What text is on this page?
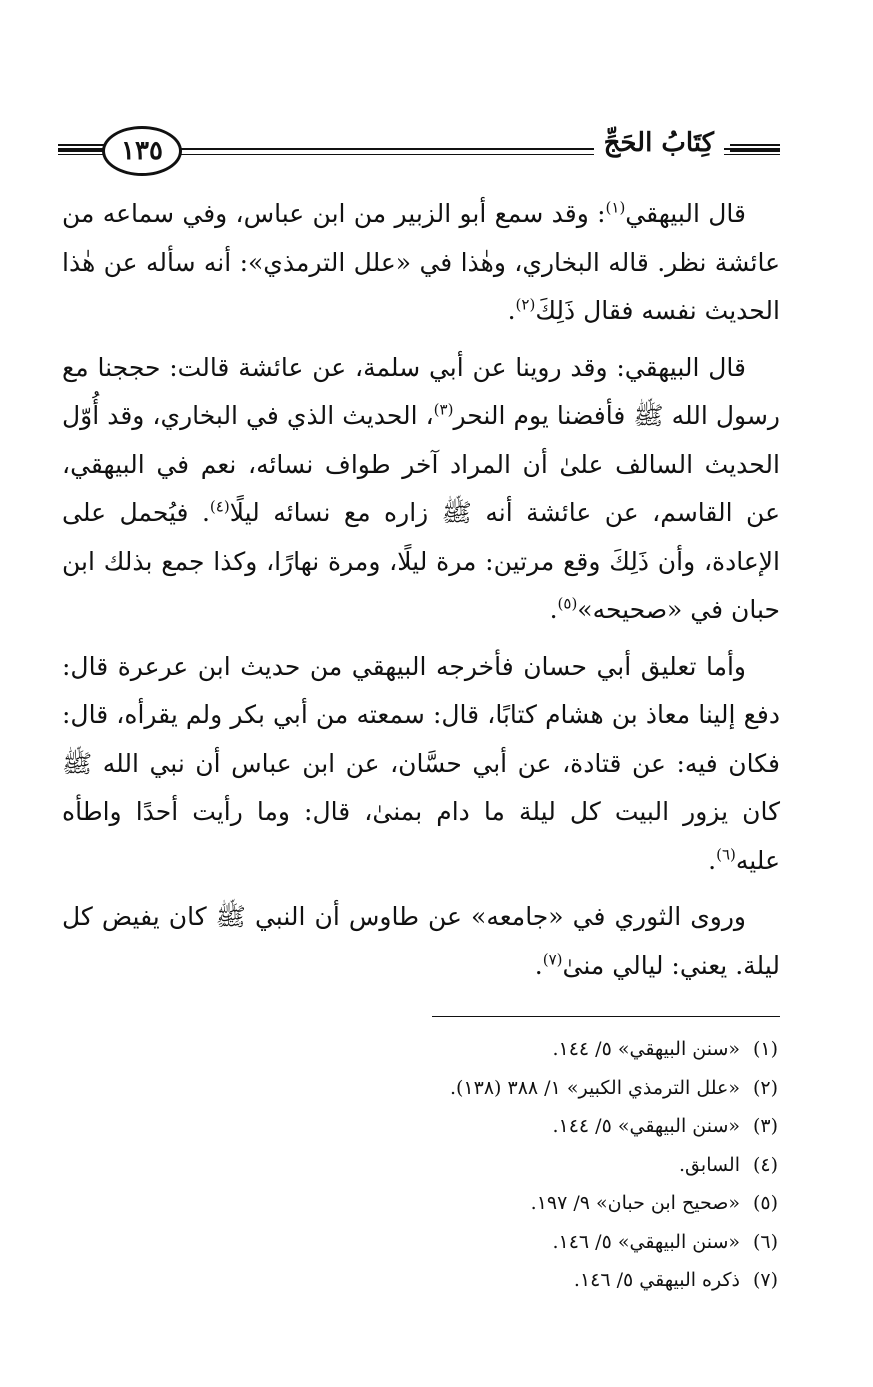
١٣٥	كِتَابُ الحَجِّ

قال البيهقي$^{(١)}$: وقد سمع أبو الزبير من ابن عباس، وفي سماعه من عائشة نظر. قاله البخاري، وهٰذا في «علل الترمذي»: أنه سأله عن هٰذا الحديث نفسه فقال ذَلِكَ$^{(٢)}$.

قال البيهقي: وقد روينا عن أبي سلمة، عن عائشة قالت: حججنا مع رسول الله ﷺ فأفضنا يوم النحر$^{(٣)}$، الحديث الذي في البخاري، وقد أُوّل الحديث السالف علىٰ أن المراد آخر طواف نسائه، نعم في البيهقي، عن القاسم، عن عائشة أنه ﷺ زاره مع نسائه ليلًا$^{(٤)}$. فيُحمل على الإعادة، وأن ذَلِكَ وقع مرتين: مرة ليلًا، ومرة نهارًا، وكذا جمع بذلك ابن حبان في «صحيحه»$^{(٥)}$.

وأما تعليق أبي حسان فأخرجه البيهقي من حديث ابن عرعرة قال: دفع إلينا معاذ بن هشام كتابًا، قال: سمعته من أبي بكر ولم يقرأه، قال: فكان فيه: عن قتادة، عن أبي حسَّان، عن ابن عباس أن نبي الله ﷺ كان يزور البيت كل ليلة ما دام بمنىٰ، قال: وما رأيت أحدًا واطأه عليه$^{(٦)}$.

وروى الثوري في «جامعه» عن طاوس أن النبي ﷺ كان يفيض كل ليلة. يعني: ليالي منىٰ$^{(٧)}$.

(١)«سنن البيهقي» ٥/ ١٤٤.
(٢)«علل الترمذي الكبير» ١/ ٣٨٨ (١٣٨).
(٣)«سنن البيهقي» ٥/ ١٤٤.
(٤)السابق.
(٥)«صحيح ابن حبان» ٩/ ١٩٧.
(٦)«سنن البيهقي» ٥/ ١٤٦.
(٧)ذكره البيهقي ٥/ ١٤٦.
